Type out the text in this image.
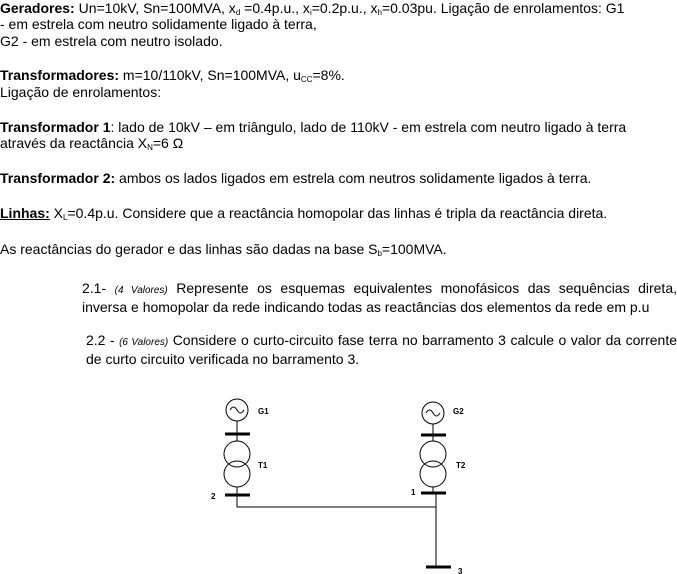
Geradores: Un=10kV, Sn=100MVA, $x_d =0.4p.u$., $x_i=0.2p.u$., $x_h=0.03pu$. Ligação de enrolamentos: G1
- em estrela com neutro solidamente ligado à terra,
G2 - em estrela com neutro isolado.
Transformadores: m=10/110kV, Sn=100MVA, $u_{CC}=8\%$.
Ligação de enrolamentos:
Transformador 1: lado de 10kV – em triângulo, lado de 110kV - em estrela com neutro ligado à terra
através da reactância $X_N=6$ Ω
Transformador 2: ambos os lados ligados em estrela com neutros solidamente ligados à terra.
Linhas: $X_L=0.4p.u$. Considere que a reactância homopolar das linhas é tripla da reactância direta.
As reactâncias do gerador e das linhas são dadas na base $S_b=100MVA$.
2.1- (4 Valores) Represente os esquemas equivalentes monofásicos das sequências direta, inversa e homopolar da rede indicando todas as reactâncias dos elementos da rede em p.u
2.2 - (6 Valores) Considere o curto-circuito fase terra no barramento 3 calcule o valor da corrente de curto circuito verificada no barramento 3.
G1	G2
T1	T2
2	1
3
